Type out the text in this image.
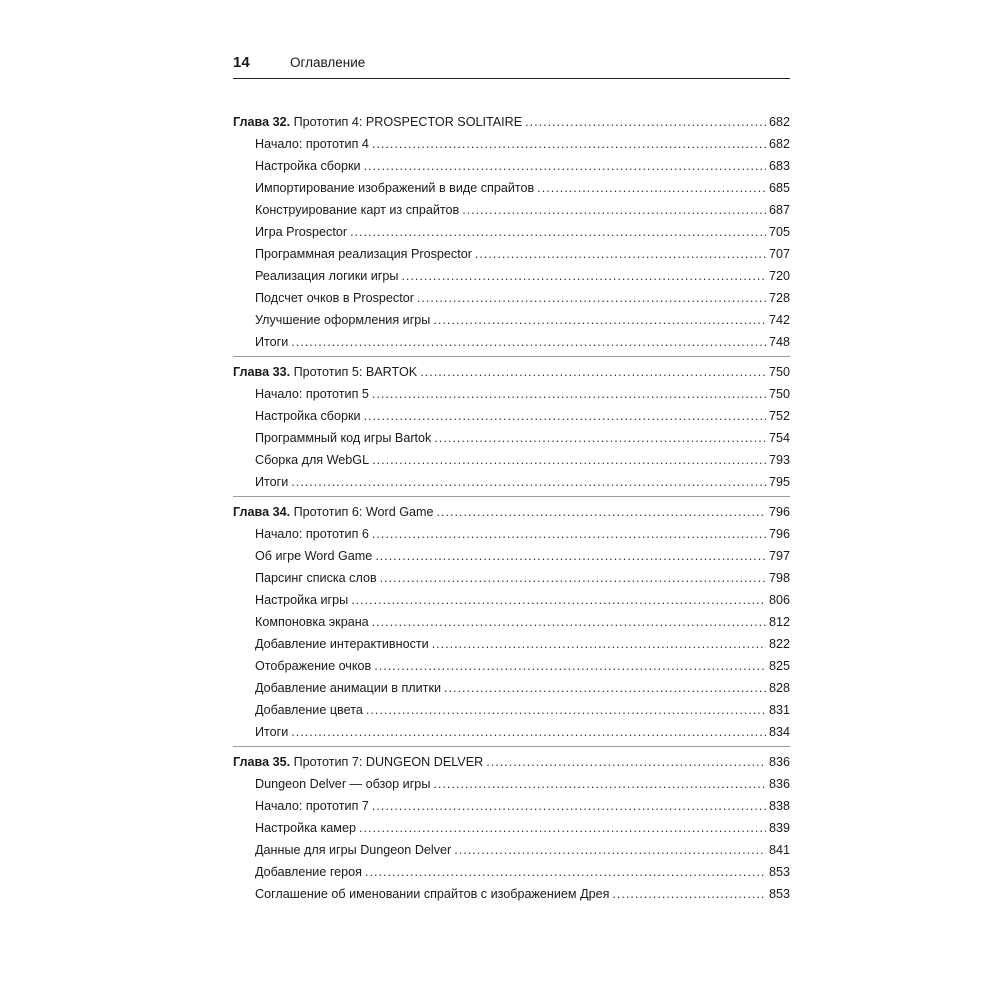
14	Оглавление
Глава 32. Прототип 4: PROSPECTOR SOLITAIRE .....	682
Начало: прототип 4 .....	682
Настройка сборки .....	683
Импортирование изображений в виде спрайтов .....	685
Конструирование карт из спрайтов .....	687
Игра Prospector .....	705
Программная реализация Prospector .....	707
Реализация логики игры .....	720
Подсчет очков в Prospector .....	728
Улучшение оформления игры .....	742
Итоги .....	748
Глава 33. Прототип 5: BARTOK .....	750
Начало: прототип 5 .....	750
Настройка сборки .....	752
Программный код игры Bartok .....	754
Сборка для WebGL .....	793
Итоги .....	795
Глава 34. Прототип 6: Word Game .....	796
Начало: прототип 6 .....	796
Об игре Word Game .....	797
Парсинг списка слов .....	798
Настройка игры .....	806
Компоновка экрана .....	812
Добавление интерактивности .....	822
Отображение очков .....	825
Добавление анимации в плитки .....	828
Добавление цвета .....	831
Итоги .....	834
Глава 35. Прототип 7: DUNGEON DELVER .....	836
Dungeon Delver — обзор игры .....	836
Начало: прототип 7 .....	838
Настройка камер .....	839
Данные для игры Dungeon Delver .....	841
Добавление героя .....	853
Соглашение об именовании спрайтов с изображением Дрея .....	853
